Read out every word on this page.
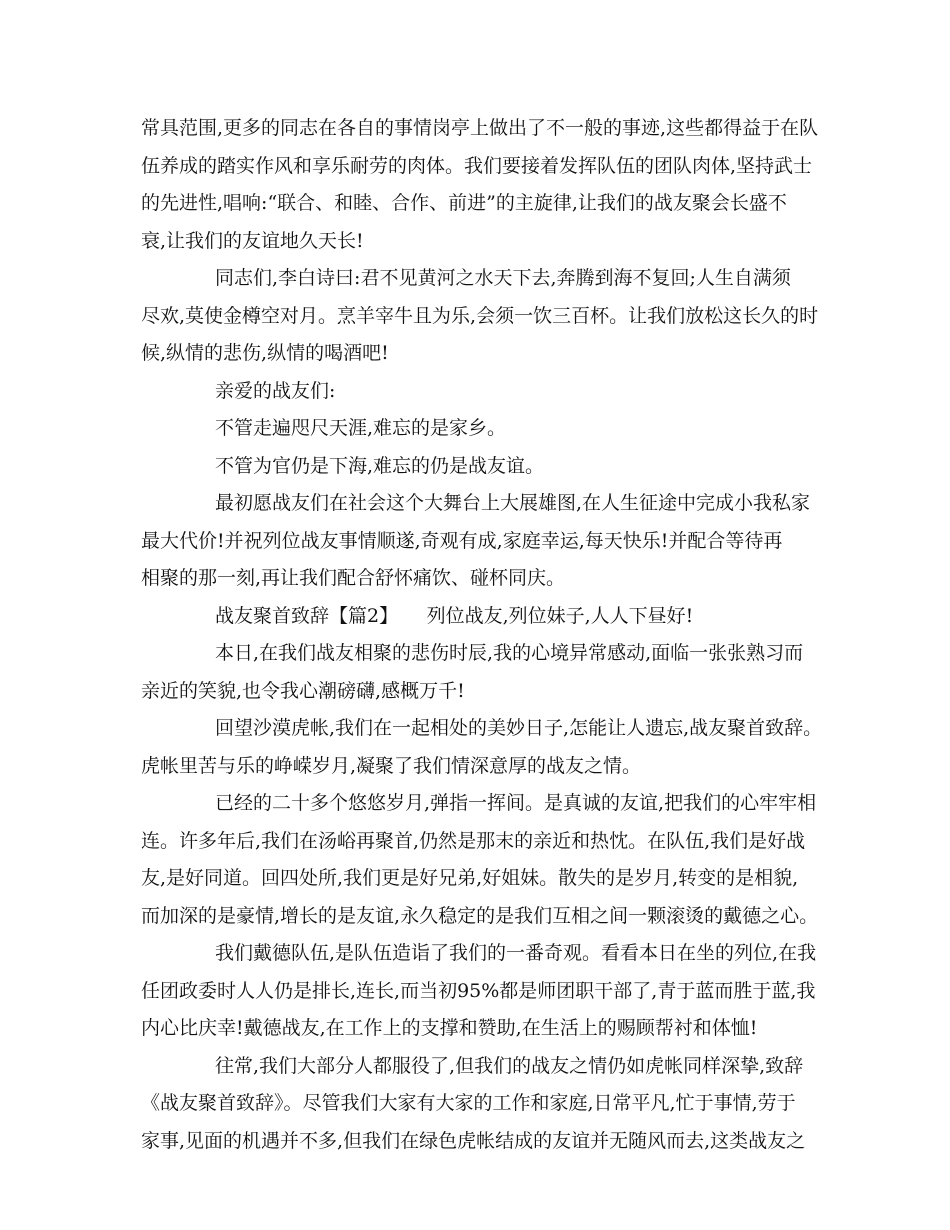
常具范围,更多的同志在各自的事情岗亭上做出了不一般的事迹,这些都得益于在队
伍养成的踏实作风和享乐耐劳的肉体。我们要接着发挥队伍的团队肉体,坚持武士
的先进性,唱响:“联合、和睦、合作、前进”的主旋律,让我们的战友聚会长盛不
衰,让我们的友谊地久天长!
同志们,李白诗曰:君不见黄河之水天下去,奔腾到海不复回;人生自满须
尽欢,莫使金樽空对月。烹羊宰牛且为乐,会须一饮三百杯。让我们放松这长久的时
候,纵情的悲伤,纵情的喝酒吧!
亲爱的战友们:
不管走遍咫尺天涯,难忘的是家乡。
不管为官仍是下海,难忘的仍是战友谊。
最初愿战友们在社会这个大舞台上大展雄图,在人生征途中完成小我私家
最大代价!并祝列位战友事情顺遂,奇观有成,家庭幸运,每天快乐!并配合等待再
相聚的那一刻,再让我们配合舒怀痛饮、碰杯同庆。
战友聚首致辞【篇2】　　列位战友,列位妹子,人人下昼好!
本日,在我们战友相聚的悲伤时辰,我的心境异常感动,面临一张张熟习而
亲近的笑貌,也令我心潮磅礴,感概万千!
回望沙漠虎帐,我们在一起相处的美妙日子,怎能让人遗忘,战友聚首致辞。
虎帐里苦与乐的峥嵘岁月,凝聚了我们情深意厚的战友之情。
已经的二十多个悠悠岁月,弹指一挥间。是真诚的友谊,把我们的心牢牢相
连。许多年后,我们在汤峪再聚首,仍然是那末的亲近和热忱。在队伍,我们是好战
友,是好同道。回四处所,我们更是好兄弟,好姐妹。散失的是岁月,转变的是相貌,
而加深的是豪情,增长的是友谊,永久稳定的是我们互相之间一颗滚烫的戴德之心。
我们戴德队伍,是队伍造诣了我们的一番奇观。看看本日在坐的列位,在我
任团政委时人人仍是排长,连长,而当初95%都是师团职干部了,青于蓝而胜于蓝,我
内心比庆幸!戴德战友,在工作上的支撑和赞助,在生活上的赐顾帮衬和体恤!
往常,我们大部分人都服役了,但我们的战友之情仍如虎帐同样深挚,致辞
《战友聚首致辞》。尽管我们大家有大家的工作和家庭,日常平凡,忙于事情,劳于
家事,见面的机遇并不多,但我们在绿色虎帐结成的友谊并无随风而去,这类战友之
